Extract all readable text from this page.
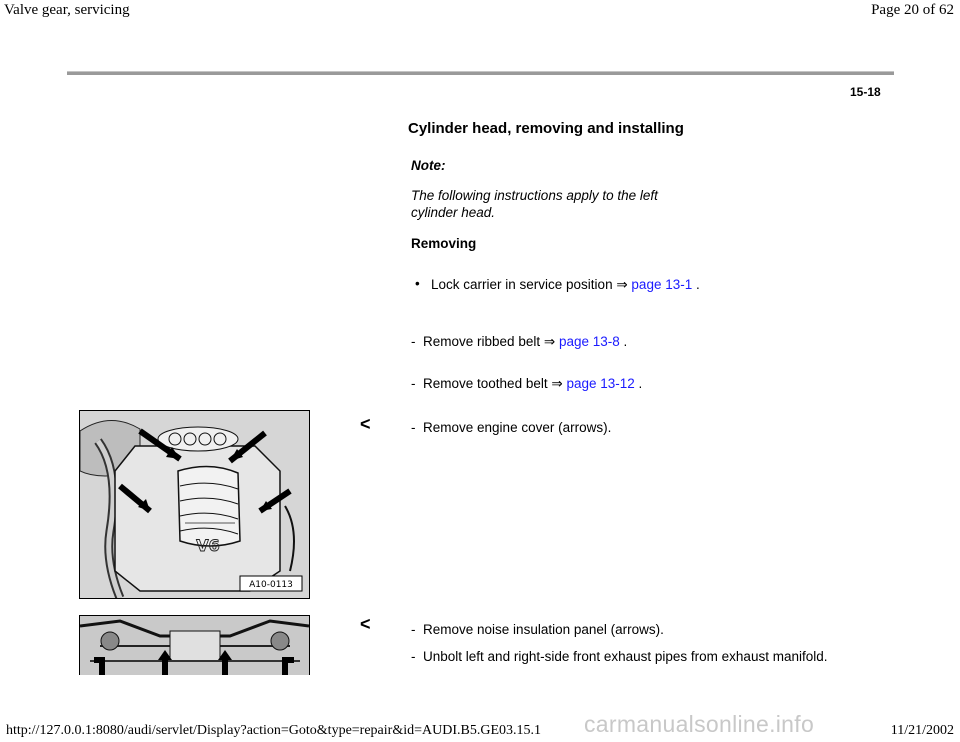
Valve gear, servicing	Page 20 of 62
15-18
Cylinder head, removing and installing
Note:
The following instructions apply to the left cylinder head.
Removing
• Lock carrier in service position ⇒ page 13-1 .
- Remove ribbed belt ⇒ page 13-8 .
- Remove toothed belt ⇒ page 13-12 .
V6
A10-0113
<	- Remove engine cover (arrows).
<	- Remove noise insulation panel (arrows).
- Unbolt left and right-side front exhaust pipes from exhaust manifold.
http://127.0.0.1:8080/audi/servlet/Display?action=Goto&type=repair&id=AUDI.B5.GE03.15.1	11/21/2002
carmanualsonline.info
